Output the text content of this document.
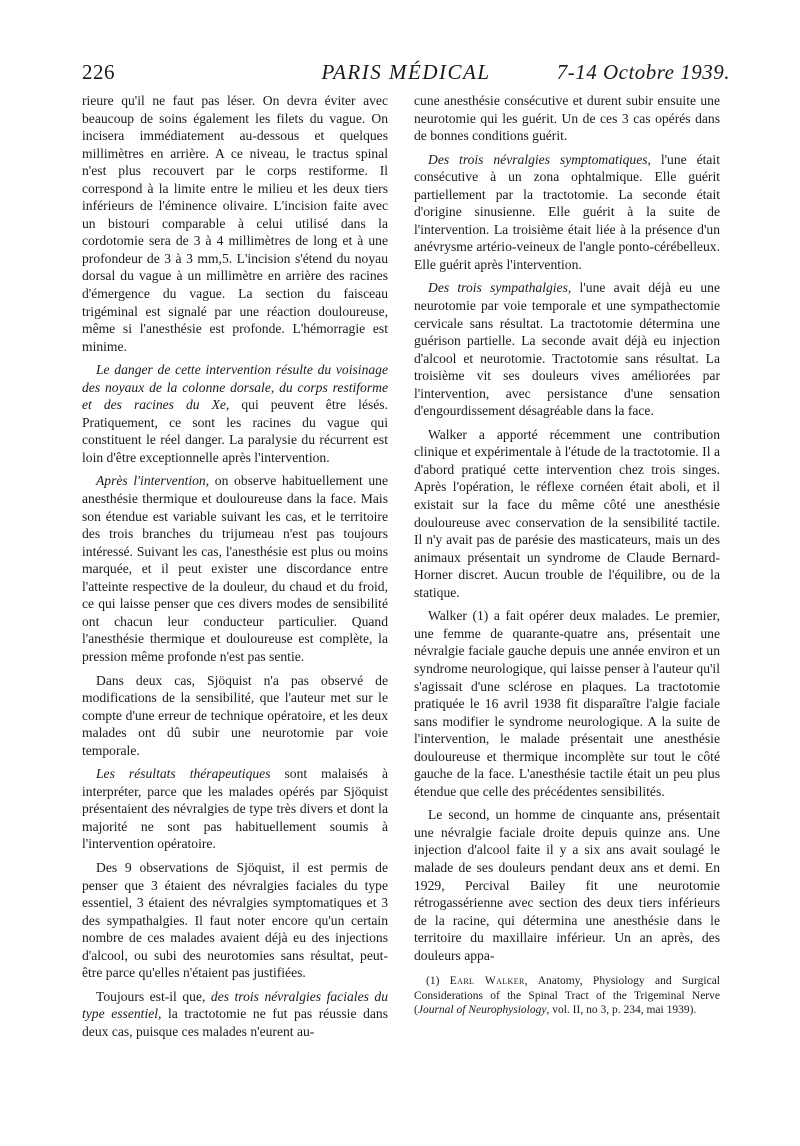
226	PARIS MÉDICAL	7-14 Octobre 1939.

rieure qu'il ne faut pas léser. On devra éviter avec beaucoup de soins également les filets du vague. On incisera immédiatement au-dessous et quelques millimètres en arrière. A ce niveau, le tractus spinal n'est plus recouvert par le corps restiforme. Il correspond à la limite entre le milieu et les deux tiers inférieurs de l'éminence olivaire. L'incision faite avec un bistouri comparable à celui utilisé dans la cordotomie sera de 3 à 4 millimètres de long et à une profondeur de 3 à 3 mm,5. L'incision s'étend du noyau dorsal du vague à un millimètre en arrière des racines d'émergence du vague. La section du faisceau trigéminal est signalé par une réaction douloureuse, même si l'anesthésie est profonde. L'hémorragie est minime.

Le danger de cette intervention résulte du voisinage des noyaux de la colonne dorsale, du corps restiforme et des racines du Xe, qui peuvent être lésés. Pratiquement, ce sont les racines du vague qui constituent le réel danger. La paralysie du récurrent est loin d'être exceptionnelle après l'intervention.

Après l'intervention, on observe habituellement une anesthésie thermique et douloureuse dans la face. Mais son étendue est variable suivant les cas, et le territoire des trois branches du trijumeau n'est pas toujours intéressé. Suivant les cas, l'anesthésie est plus ou moins marquée, et il peut exister une discordance entre l'atteinte respective de la douleur, du chaud et du froid, ce qui laisse penser que ces divers modes de sensibilité ont chacun leur conducteur particulier. Quand l'anesthésie thermique et douloureuse est complète, la pression même profonde n'est pas sentie.

Dans deux cas, Sjöquist n'a pas observé de modifications de la sensibilité, que l'auteur met sur le compte d'une erreur de technique opératoire, et les deux malades ont dû subir une neurotomie par voie temporale.

Les résultats thérapeutiques sont malaisés à interpréter, parce que les malades opérés par Sjöquist présentaient des névralgies de type très divers et dont la majorité ne sont pas habituellement soumis à l'intervention opératoire.

Des 9 observations de Sjöquist, il est permis de penser que 3 étaient des névralgies faciales du type essentiel, 3 étaient des névralgies symptomatiques et 3 des sympathalgies. Il faut noter encore qu'un certain nombre de ces malades avaient déjà eu des injections d'alcool, ou subi des neurotomies sans résultat, peut-être parce qu'elles n'étaient pas justifiées.

Toujours est-il que, des trois névralgies faciales du type essentiel, la tractotomie ne fut pas réussie dans deux cas, puisque ces malades n'eurent au-

cune anesthésie consécutive et durent subir ensuite une neurotomie qui les guérit. Un de ces 3 cas opérés dans de bonnes conditions guérit.

Des trois névralgies symptomatiques, l'une était consécutive à un zona ophtalmique. Elle guérit partiellement par la tractotomie. La seconde était d'origine sinusienne. Elle guérit à la suite de l'intervention. La troisième était liée à la présence d'un anévrysme artério-veineux de l'angle ponto-cérébelleux. Elle guérit après l'intervention.

Des trois sympathalgies, l'une avait déjà eu une neurotomie par voie temporale et une sympathectomie cervicale sans résultat. La tractotomie détermina une guérison partielle. La seconde avait déjà eu injection d'alcool et neurotomie. Tractotomie sans résultat. La troisième vit ses douleurs vives améliorées par l'intervention, avec persistance d'une sensation d'engourdissement désagréable dans la face.

Walker a apporté récemment une contribution clinique et expérimentale à l'étude de la tractotomie. Il a d'abord pratiqué cette intervention chez trois singes. Après l'opération, le réflexe cornéen était aboli, et il existait sur la face du même côté une anesthésie douloureuse avec conservation de la sensibilité tactile. Il n'y avait pas de parésie des masticateurs, mais un des animaux présentait un syndrome de Claude Bernard-Horner discret. Aucun trouble de l'équilibre, ou de la statique.

Walker (1) a fait opérer deux malades. Le premier, une femme de quarante-quatre ans, présentait une névralgie faciale gauche depuis une année environ et un syndrome neurologique, qui laisse penser à l'auteur qu'il s'agissait d'une sclérose en plaques. La tractotomie pratiquée le 16 avril 1938 fit disparaître l'algie faciale sans modifier le syndrome neurologique. A la suite de l'intervention, le malade présentait une anesthésie douloureuse et thermique incomplète sur tout le côté gauche de la face. L'anesthésie tactile était un peu plus étendue que celle des précédentes sensibilités.

Le second, un homme de cinquante ans, présentait une névralgie faciale droite depuis quinze ans. Une injection d'alcool faite il y a six ans avait soulagé le malade de ses douleurs pendant deux ans et demi. En 1929, Percival Bailey fit une neurotomie rétrogassérienne avec section des deux tiers inférieurs de la racine, qui détermina une anesthésie dans le territoire du maxillaire inférieur. Un an après, des douleurs appa-

(1) Earl Walker, Anatomy, Physiology and Surgical Considerations of the Spinal Tract of the Trigeminal Nerve (Journal of Neurophysiology, vol. II, no 3, p. 234, mai 1939).
